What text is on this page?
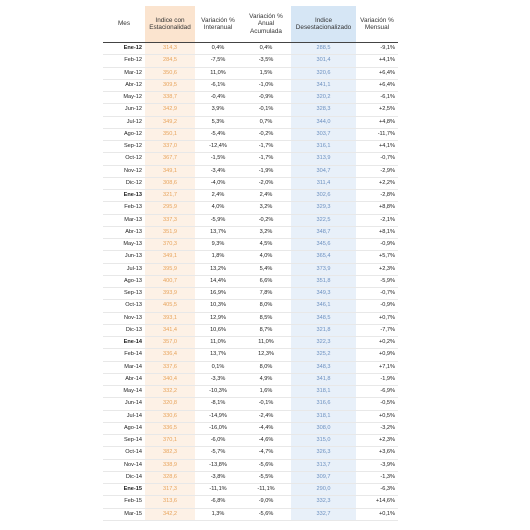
Mes	Indice con Estacionalidad	Variación % Interanual	Variación % Anual Acumulada	Indice Desestacionalizado	Variación % Mensual
Ene-12	314,3	0,4%	0,4%	288,5	-9,1%
Feb-12	284,5	-7,5%	-3,5%	301,4	+4,1%
Mar-12	350,6	11,0%	1,5%	320,6	+6,4%
Abr-12	309,5	-6,1%	-1,0%	341,1	+6,4%
May-12	338,7	-0,4%	-0,9%	320,2	-6,1%
Jun-12	342,9	3,9%	-0,1%	328,3	+2,5%
Jul-12	349,2	5,3%	0,7%	344,0	+4,8%
Ago-12	350,1	-5,4%	-0,2%	303,7	-11,7%
Sep-12	337,0	-12,4%	-1,7%	316,1	+4,1%
Oct-12	367,7	-1,5%	-1,7%	313,9	-0,7%
Nov-12	349,1	-3,4%	-1,9%	304,7	-2,9%
Dic-12	308,6	-4,0%	-2,0%	311,4	+2,2%
Ene-13	321,7	2,4%	2,4%	302,6	-2,8%
Feb-13	295,9	4,0%	3,2%	329,3	+8,8%
Mar-13	337,3	-5,9%	-0,2%	322,5	-2,1%
Abr-13	351,9	13,7%	3,2%	348,7	+8,1%
May-13	370,3	9,3%	4,5%	345,6	-0,9%
Jun-13	349,1	1,8%	4,0%	365,4	+5,7%
Jul-13	395,9	13,2%	5,4%	373,9	+2,3%
Ago-13	400,7	14,4%	6,6%	351,8	-5,9%
Sep-13	393,9	16,9%	7,8%	349,3	-0,7%
Oct-13	405,5	10,3%	8,0%	346,1	-0,9%
Nov-13	393,1	12,9%	8,5%	348,5	+0,7%
Dic-13	341,4	10,6%	8,7%	321,8	-7,7%
Ene-14	357,0	11,0%	11,0%	322,3	+0,2%
Feb-14	336,4	13,7%	12,3%	325,2	+0,9%
Mar-14	337,6	0,1%	8,0%	348,3	+7,1%
Abr-14	340,4	-3,3%	4,9%	341,8	-1,9%
May-14	332,2	-10,3%	1,6%	318,1	-6,9%
Jun-14	320,8	-8,1%	-0,1%	316,6	-0,5%
Jul-14	330,6	-14,9%	-2,4%	318,1	+0,5%
Ago-14	336,5	-16,0%	-4,4%	308,0	-3,2%
Sep-14	370,1	-6,0%	-4,6%	315,0	+2,3%
Oct-14	382,3	-5,7%	-4,7%	326,3	+3,6%
Nov-14	338,9	-13,8%	-5,6%	313,7	-3,9%
Dic-14	328,6	-3,8%	-5,5%	309,7	-1,3%
Ene-15	317,3	-11,1%	-11,1%	290,0	-6,3%
Feb-15	313,6	-6,8%	-9,0%	332,3	+14,6%
Mar-15	342,2	1,3%	-5,6%	332,7	+0,1%
